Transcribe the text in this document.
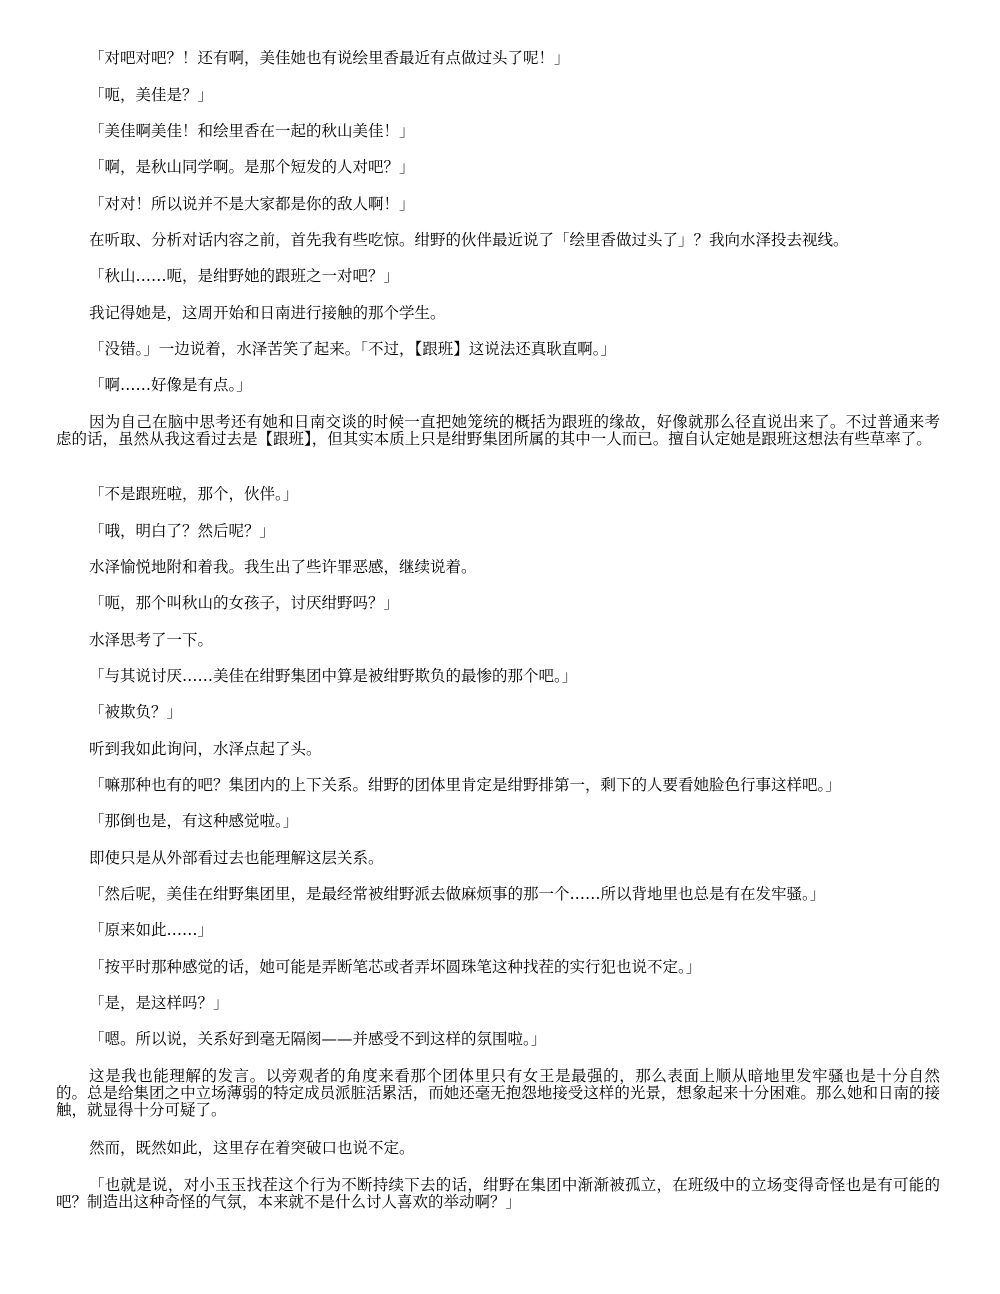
「对吧对吧？！还有啊，美佳她也有说绘里香最近有点做过头了呢！」

「呃，美佳是？」

「美佳啊美佳！和绘里香在一起的秋山美佳！」

「啊，是秋山同学啊。是那个短发的人对吧？」

「对对！所以说并不是大家都是你的敌人啊！」

在听取、分析对话内容之前，首先我有些吃惊。绀野的伙伴最近说了「绘里香做过头了」？我向水泽投去视线。

「秋山……呃，是绀野她的跟班之一对吧？」

我记得她是，这周开始和日南进行接触的那个学生。

「没错。」一边说着，水泽苦笑了起来。「不过，【跟班】这说法还真耿直啊。」

「啊……好像是有点。」

因为自己在脑中思考还有她和日南交谈的时候一直把她笼统的概括为跟班的缘故，好像就那么径直说出来了。不过普通来考虑的话，虽然从我这看过去是【跟班】，但其实本质上只是绀野集团所属的其中一人而已。擅自认定她是跟班这想法有些草率了。

「不是跟班啦，那个，伙伴。」

「哦，明白了？然后呢？」

水泽愉悦地附和着我。我生出了些许罪恶感，继续说着。

「呃，那个叫秋山的女孩子，讨厌绀野吗？」

水泽思考了一下。

「与其说讨厌……美佳在绀野集团中算是被绀野欺负的最惨的那个吧。」

「被欺负？」

听到我如此询问，水泽点起了头。

「嘛那种也有的吧？集团内的上下关系。绀野的团体里肯定是绀野排第一，剩下的人要看她脸色行事这样吧。」

「那倒也是，有这种感觉啦。」

即使只是从外部看过去也能理解这层关系。

「然后呢，美佳在绀野集团里，是最经常被绀野派去做麻烦事的那一个……所以背地里也总是有在发牢骚。」

「原来如此……」

「按平时那种感觉的话，她可能是弄断笔芯或者弄坏圆珠笔这种找茬的实行犯也说不定。」

「是，是这样吗？」

「嗯。所以说，关系好到毫无隔阂——并感受不到这样的氛围啦。」

这是我也能理解的发言。以旁观者的角度来看那个团体里只有女王是最强的，那么表面上顺从暗地里发牢骚也是十分自然的。总是给集团之中立场薄弱的特定成员派脏活累活，而她还毫无抱怨地接受这样的光景，想象起来十分困难。那么她和日南的接触，就显得十分可疑了。

然而，既然如此，这里存在着突破口也说不定。

「也就是说，对小玉玉找茬这个行为不断持续下去的话，绀野在集团中渐渐被孤立，在班级中的立场变得奇怪也是有可能的吧？制造出这种奇怪的气氛，本来就不是什么讨人喜欢的举动啊？」
